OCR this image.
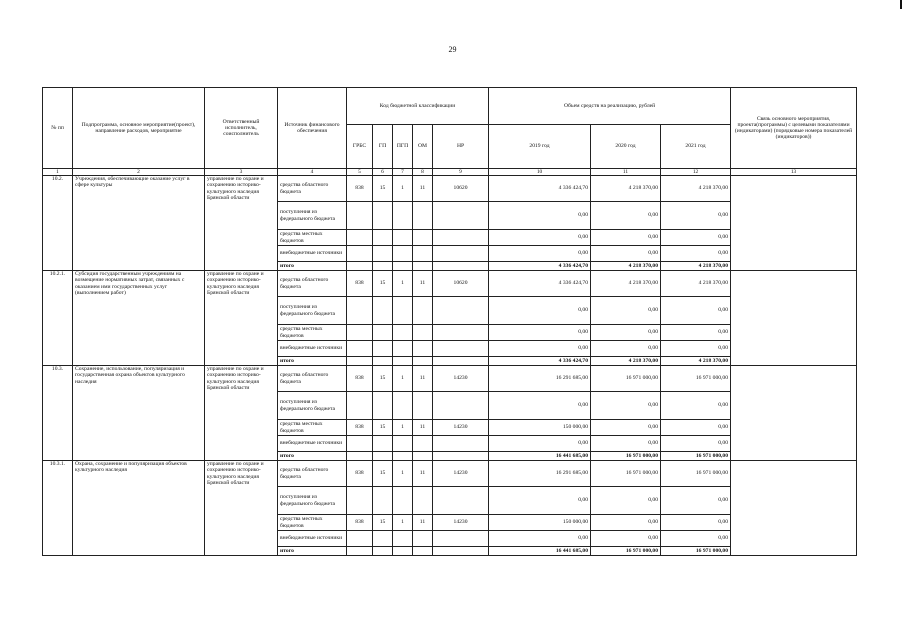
29
№ пп	Подпрограмма, основное мероприятие(проект), направление расходов, мероприятие	Ответственный исполнитель, соисполнитель	Источник финансового обеспечения	Код бюджетной классификации					Объем средств на реализацию, рублей			Связь основного мероприятия, проекта(программы) с целевыми показателями (индикаторами) (порядковые номера показателей (индикаторов))
				ГРБС	ГП	ПГП	ОМ	НР	2019 год	2020 год	2021 год	
1	2	3	4	5	6	7	8	9	10	11	12	13
10.2.	Учреждения, обеспечивающие оказание услуг в сфере культуры	управление по охране и сохранению историко-культурного наследия Брянской области	средства областного бюджета	838	15	1	11	10620	4 336 424,70	4 218 370,00	4 218 370,00	
			поступления из федерального бюджета						0,00	0,00	0,00	
			средства местных бюджетов						0,00	0,00	0,00	
			внебюджетные источники						0,00	0,00	0,00	
			итого						4 336 424,70	4 218 370,00	4 218 370,00	
10.2.1.	Субсидия государственным учреждениям на возмещение нормативных затрат, связанных с оказанием ими государственных услуг (выполнением работ)	управление по охране и сохранению историко-культурного наследия Брянской области	средства областного бюджета	838	15	1	11	10620	4 336 424,70	4 218 370,00	4 218 370,00	
			поступления из федерального бюджета						0,00	0,00	0,00	
			средства местных бюджетов						0,00	0,00	0,00	
			внебюджетные источники						0,00	0,00	0,00	
			итого						4 336 424,70	4 218 370,00	4 218 370,00	
10.3.	Сохранение, использование, популяризация и государственная охрана объектов культурного наследия	управление по охране и сохранению историко-культурного наследия Брянской области	средства областного бюджета	838	15	1	11	14230	16 291 685,00	16 971 000,00	16 971 000,00	
			поступления из федерального бюджета						0,00	0,00	0,00	
			средства местных бюджетов	838	15	1	11	14230	150 000,00	0,00	0,00	
			внебюджетные источники						0,00	0,00	0,00	
			итого						16 441 685,00	16 971 000,00	16 971 000,00	
10.3.1.	Охрана, сохранение и популяризация объектов культурного наследия	управление по охране и сохранению историко-культурного наследия Брянской области	средства областного бюджета	838	15	1	11	14230	16 291 685,00	16 971 000,00	16 971 000,00	
			поступления из федерального бюджета						0,00	0,00	0,00	
			средства местных бюджетов	838	15	1	11	14230	150 000,00	0,00	0,00	
			внебюджетные источники						0,00	0,00	0,00	
			итого						16 441 685,00	16 971 000,00	16 971 000,00	
